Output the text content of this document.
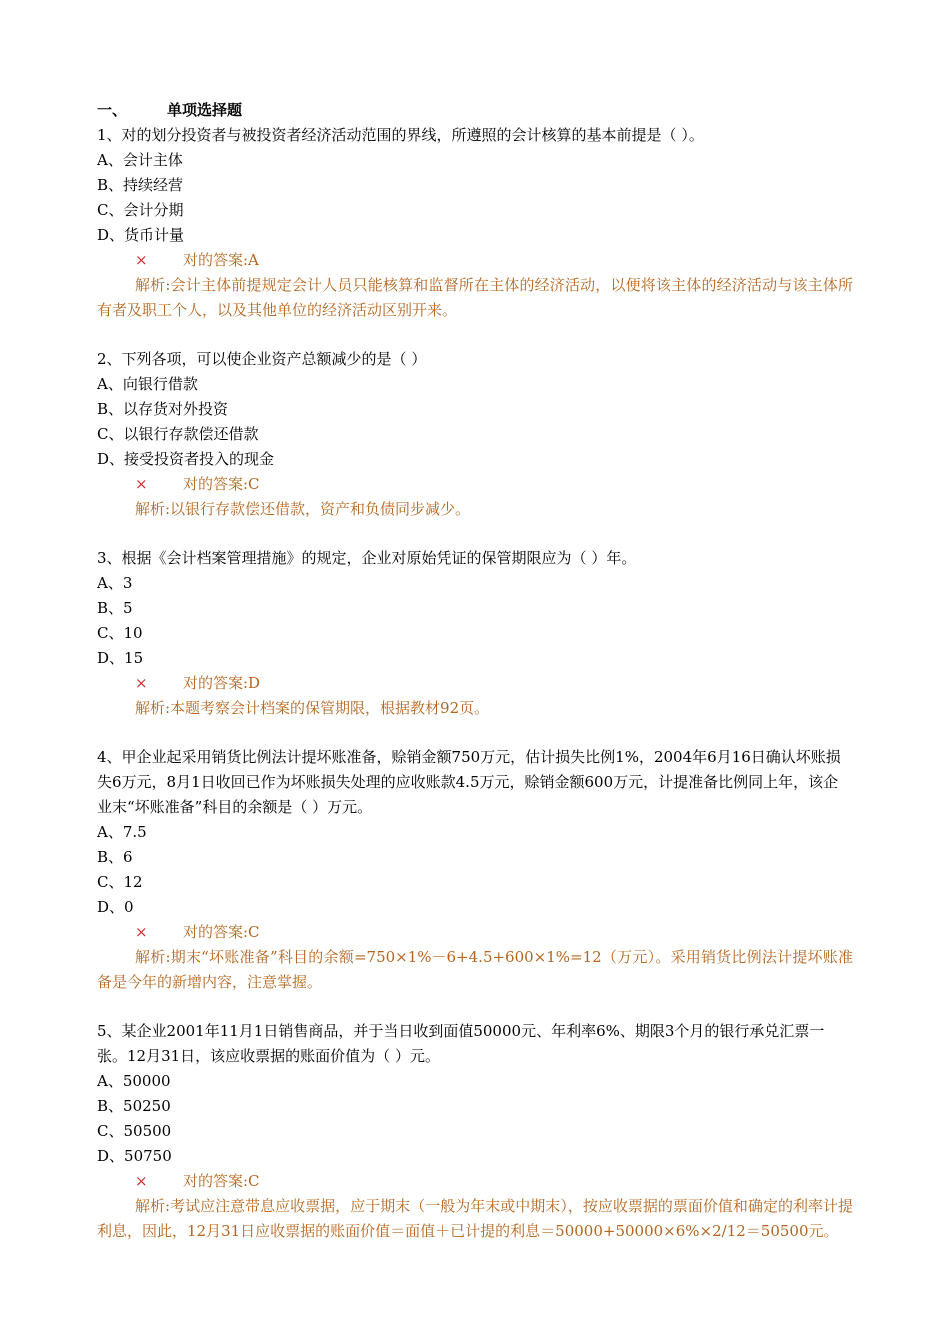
一、	单项选择题
1、对的划分投资者与被投资者经济活动范围的界线，所遵照的会计核算的基本前提是（ ）。
A、会计主体
B、持续经营
C、会计分期
D、货币计量
× 对的答案:A
解析:会计主体前提规定会计人员只能核算和监督所在主体的经济活动，以便将该主体的经济活动与该主体所有者及职工个人，以及其他单位的经济活动区别开来。
2、下列各项，可以使企业资产总额减少的是（ ）
A、向银行借款
B、以存货对外投资
C、以银行存款偿还借款
D、接受投资者投入的现金
× 对的答案:C
解析:以银行存款偿还借款，资产和负债同步减少。
3、根据《会计档案管理措施》的规定，企业对原始凭证的保管期限应为（ ）年。
A、3
B、5
C、10
D、15
× 对的答案:D
解析:本题考察会计档案的保管期限，根据教材92页。
4、甲企业起采用销货比例法计提坏账准备，赊销金额750万元，估计损失比例1%，2004年6月16日确认坏账损失6万元，8月1日收回已作为坏账损失处理的应收账款4.5万元，赊销金额600万元，计提准备比例同上年，该企业末“坏账准备”科目的余额是（ ）万元。
A、7.5
B、6
C、12
D、0
× 对的答案:C
解析:期末“坏账准备”科目的余额=750×1%－6+4.5+600×1%=12（万元）。采用销货比例法计提坏账准备是今年的新增内容，注意掌握。
5、某企业2001年11月1日销售商品，并于当日收到面值50000元、年利率6%、期限3个月的银行承兑汇票一张。12月31日，该应收票据的账面价值为（ ）元。
A、50000
B、50250
C、50500
D、50750
× 对的答案:C
解析:考试应注意带息应收票据，应于期末（一般为年末或中期末），按应收票据的票面价值和确定的利率计提利息，因此，12月31日应收票据的账面价值＝面值＋已计提的利息＝50000+50000×6%×2/12＝50500元。
